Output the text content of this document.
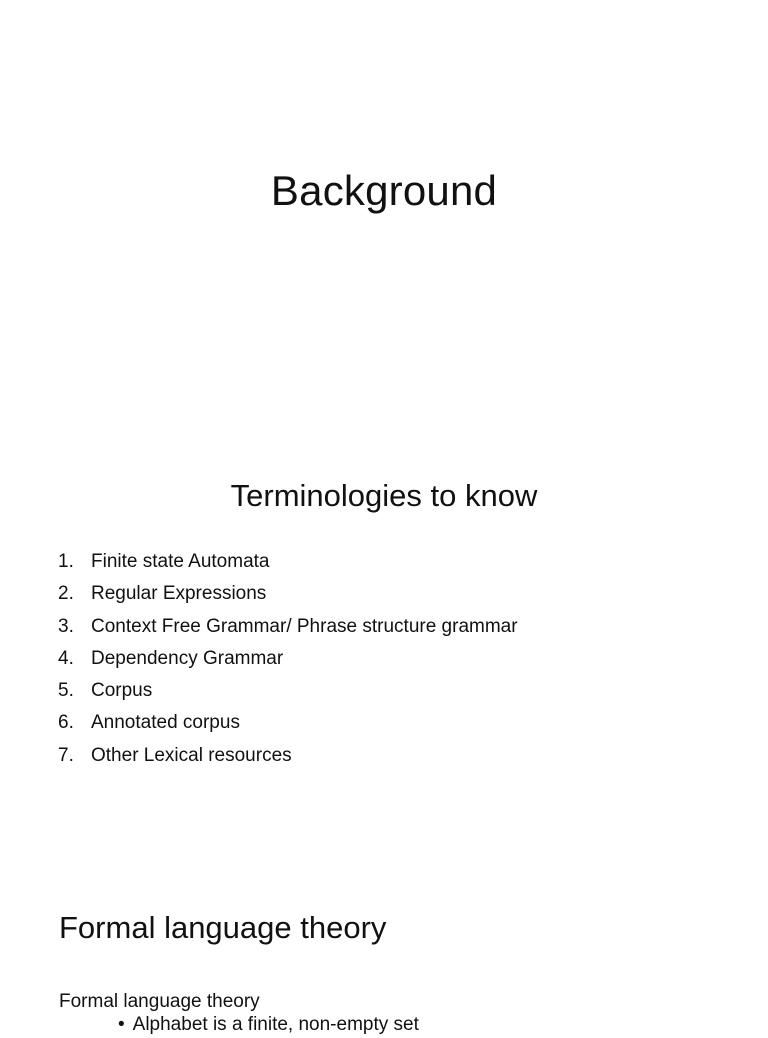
Background
Terminologies to know
1. Finite state Automata
2. Regular Expressions
3. Context Free Grammar/ Phrase structure grammar
4. Dependency Grammar
5. Corpus
6. Annotated corpus
7. Other Lexical resources
Formal language theory

Formal language theory

• Alphabet is a finite, non-empty set
